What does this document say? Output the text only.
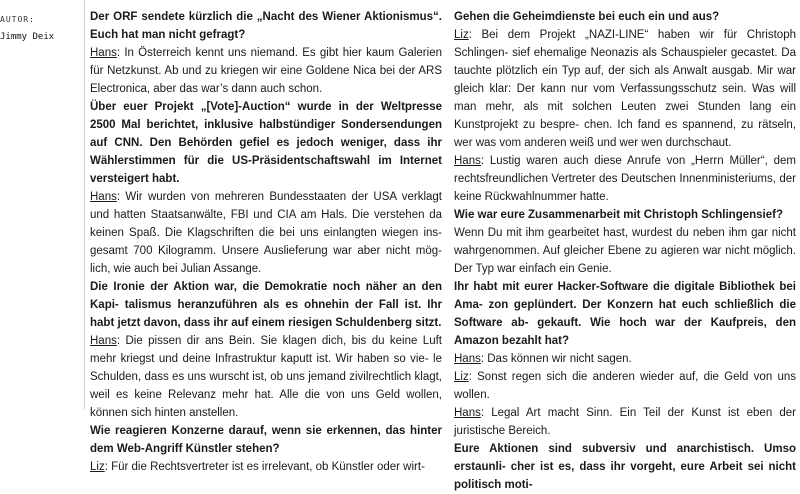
AUTOR:
Jimmy Deix

Der ORF sendete kürzlich die „Nacht des Wiener Aktionismus“. Euch hat man nicht gefragt?

Hans: In Österreich kennt uns niemand. Es gibt hier kaum Galerien für Netzkunst. Ab und zu kriegen wir eine Goldene Nica bei der ARS Electronica, aber das war’s dann auch schon.

Über euer Projekt „[Vote]-Auction“ wurde in der Weltpresse 2500 Mal berichtet, inklusive halbstündiger Sondersendungen auf CNN. Den Behörden gefiel es jedoch weniger, dass ihr Wählerstimmen für die US-Präsidentschaftswahl im Internet versteigert habt.

Hans: Wir wurden von mehreren Bundesstaaten der USA verklagt und hatten Staatsanwälte, FBI und CIA am Hals. Die verstehen da keinen Spaß. Die Klagschriften die bei uns einlangten wiegen ins- gesamt 700 Kilogramm. Unsere Auslieferung war aber nicht mög- lich, wie auch bei Julian Assange.

Die Ironie der Aktion war, die Demokratie noch näher an den Kapi- talismus heranzuführen als es ohnehin der Fall ist. Ihr habt jetzt davon, dass ihr auf einem riesigen Schuldenberg sitzt.

Hans: Die pissen dir ans Bein. Sie klagen dich, bis du keine Luft mehr kriegst und deine Infrastruktur kaputt ist. Wir haben so vie- le Schulden, dass es uns wurscht ist, ob uns jemand zivilrechtlich klagt, weil es keine Relevanz mehr hat. Alle die von uns Geld wollen, können sich hinten anstellen.

Wie reagieren Konzerne darauf, wenn sie erkennen, das hinter dem Web-Angriff Künstler stehen?

Liz: Für die Rechtsvertreter ist es irrelevant, ob Künstler oder wirt-

Gehen die Geheimdienste bei euch ein und aus?

Liz: Bei dem Projekt „NAZI-LINE“ haben wir für Christoph Schlingen- sief ehemalige Neonazis als Schauspieler gecastet. Da tauchte plötzlich ein Typ auf, der sich als Anwalt ausgab. Mir war gleich klar: Der kann nur vom Verfassungsschutz sein. Was will man mehr, als mit solchen Leuten zwei Stunden lang ein Kunstprojekt zu bespre- chen. Ich fand es spannend, zu rätseln, wer was vom anderen weiß und wer wen durchschaut.

Hans: Lustig waren auch diese Anrufe von „Herrn Müller“, dem rechtsfreundlichen Vertreter des Deutschen Innenministeriums, der keine Rückwahlnummer hatte.

Wie war eure Zusammenarbeit mit Christoph Schlingensief?

Wenn Du mit ihm gearbeitet hast, wurdest du neben ihm gar nicht wahrgenommen. Auf gleicher Ebene zu agieren war nicht möglich. Der Typ war einfach ein Genie.

Ihr habt mit eurer Hacker-Software die digitale Bibliothek bei Ama- zon geplündert. Der Konzern hat euch schließlich die Software ab- gekauft. Wie hoch war der Kaufpreis, den Amazon bezahlt hat?

Hans: Das können wir nicht sagen.

Liz: Sonst regen sich die anderen wieder auf, die Geld von uns wollen.

Hans: Legal Art macht Sinn. Ein Teil der Kunst ist eben der juristische Bereich.

Eure Aktionen sind subversiv und anarchistisch. Umso erstaunli- cher ist es, dass ihr vorgeht, eure Arbeit sei nicht politisch moti-
